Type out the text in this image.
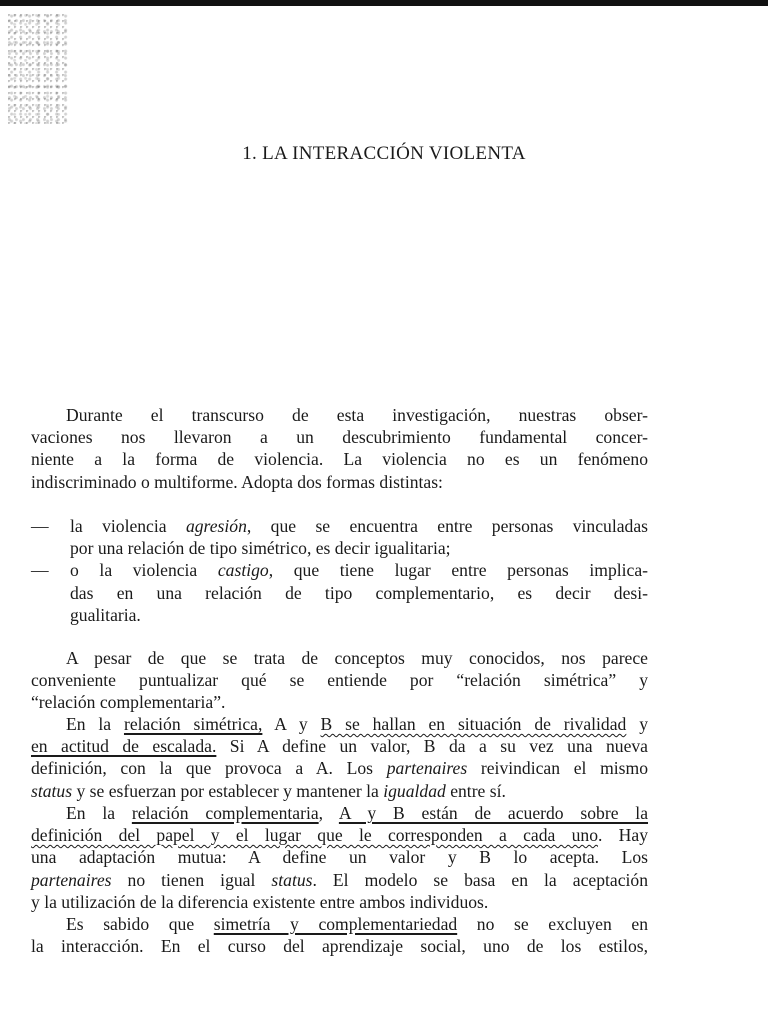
1. LA INTERACCIÓN VIOLENTA
Durante el transcurso de esta investigación, nuestras obser-
vaciones nos llevaron a un descubrimiento fundamental concer-
niente a la forma de violencia. La violencia no es un fenómeno
indiscriminado o multiforme. Adopta dos formas distintas:
—	la violencia agresión, que se encuentra entre personas vinculadas
por una relación de tipo simétrico, es decir igualitaria;
—	o la violencia castigo, que tiene lugar entre personas implica-
das en una relación de tipo complementario, es decir desi-
gualitaria.
A pesar de que se trata de conceptos muy conocidos, nos parece
conveniente puntualizar qué se entiende por “relación simétrica” y
“relación complementaria”.
En la relación simétrica, A y B se hallan en situación de rivalidad y
en actitud de escalada. Si A define un valor, B da a su vez una nueva
definición, con la que provoca a A. Los partenaires reivindican el mismo
status y se esfuerzan por establecer y mantener la igualdad entre sí.
En la relación complementaria, A y B están de acuerdo sobre la
definición del papel y el lugar que le corresponden a cada uno. Hay
una adaptación mutua: A define un valor y B lo acepta. Los
partenaires no tienen igual status. El modelo se basa en la aceptación
y la utilización de la diferencia existente entre ambos individuos.
Es sabido que simetría y complementariedad no se excluyen en
la interacción. En el curso del aprendizaje social, uno de los estilos,
